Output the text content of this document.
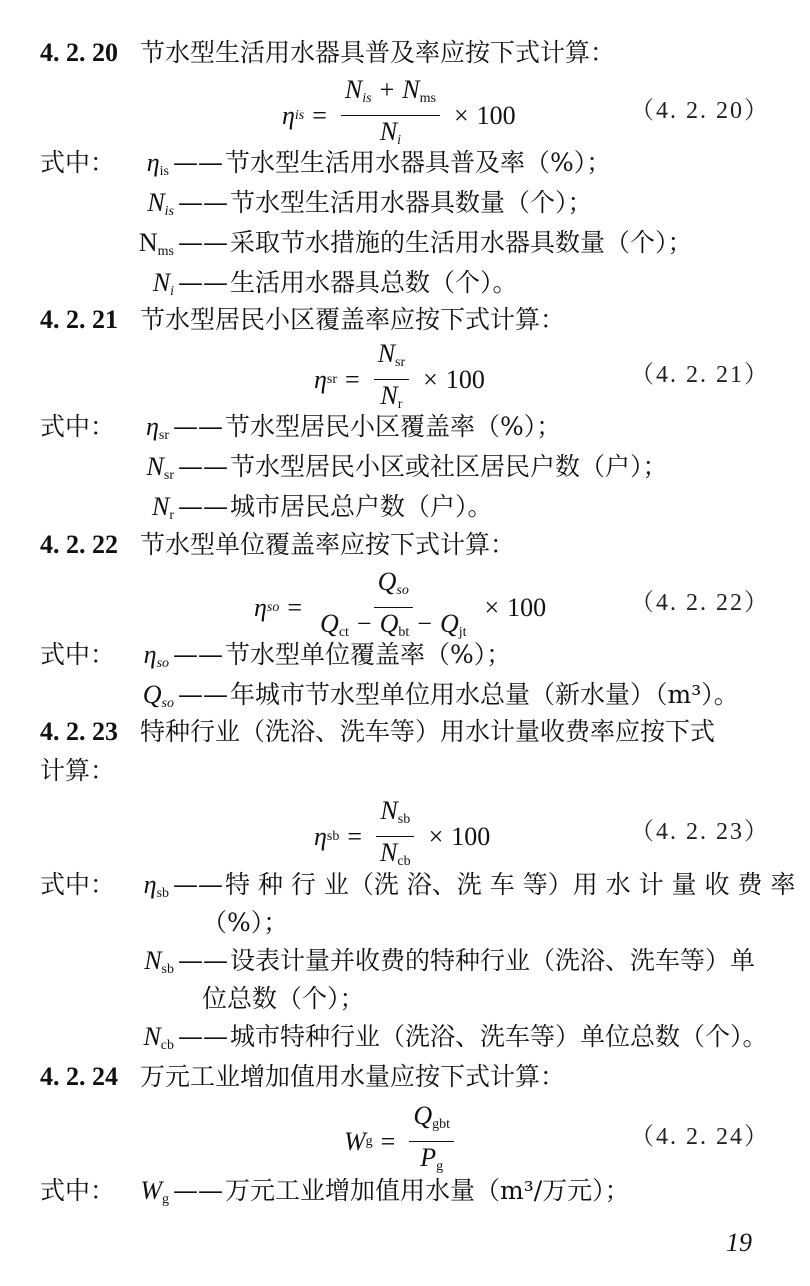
4. 2. 20 节水型生活用水器具普及率应按下式计算：
η is = $\frac{N_{is} + N_{ms}}{N_i} \times 100$	（4. 2. 20）
式中：	$\eta_{is}$ —— 节水型生活用水器具普及率（%）；
$N_{is}$ —— 节水型生活用水器具数量（个）；
$N_{ms}$ —— 采取节水措施的生活用水器具数量（个）；
$N_i$ —— 生活用水器具总数（个）。
4. 2. 21 节水型居民小区覆盖率应按下式计算：
η sr = $\frac{N_{sr}}{N_r} \times 100$	（4. 2. 21）
式中：	$\eta_{sr}$ —— 节水型居民小区覆盖率（%）；
$N_{sr}$ —— 节水型居民小区或社区居民户数（户）；
$N_r$ —— 城市居民总户数（户）。
4. 2. 22 节水型单位覆盖率应按下式计算：
η so = $\frac{Q_{so}}{Q_{ct} - Q_{bt} - Q_{jt}} \times 100$	（4. 2. 22）
式中：	$\eta_{so}$ —— 节水型单位覆盖率（%）；
$Q_{so}$ —— 年城市节水型单位用水总量（新水量）（m³）。
4. 2. 23 特种行业（洗浴、洗车等）用水计量收费率应按下式
计算：
η sb = $\frac{N_{sb}}{N_{cb}} \times 100$	（4. 2. 23）
式中：	$\eta_{sb}$ —— 特 种 行 业（洗 浴、洗 车 等）用 水 计 量 收 费 率
（%）；
$N_{sb}$ —— 设表计量并收费的特种行业（洗浴、洗车等）单
位总数（个）；
$N_{cb}$ —— 城市特种行业（洗浴、洗车等）单位总数（个）。
4. 2. 24 万元工业增加值用水量应按下式计算：
W $g = \frac{Q_{gbt}}{P_g}$	（4. 2. 24）
式中： $W_g$ —— 万元工业增加值用水量（m³/万元）；
19
